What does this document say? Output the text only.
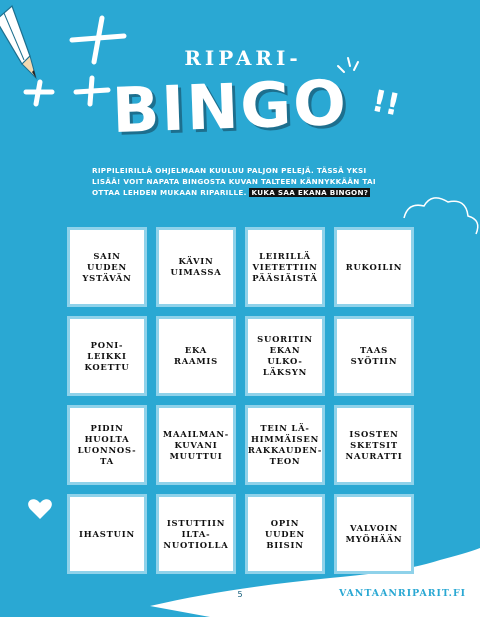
RIPARI-
BINGO !!
RIPPILEIRILLÄ OHJELMAAN KUULUU PALJON PELEJÄ. TÄSSÄ YKSI LISÄÄ! VOIT NAPATA BINGOSTA KUVAN TALTEEN KÄNNYKKÄÄN TAI OTTAA LEHDEN MUKAAN RIPARILLE. KUKA SAA EKANA BINGON?
SAIN
UUDEN
YSTÄVÄN
KÄVIN
UIMASSA
LEIRILLÄ
VIETETTIIN
PÄÄSIÄISTÄ
RUKOILIN
PONI-
LEIKKI
KOETTU
EKA
RAAMIS
SUORITIN
EKAN
ULKO-
LÄKSYN
TAAS
SYÖTIIN
PIDIN
HUOLTA
LUONNOS-
TA
MAAILMAN-
KUVANI
MUUTTUI
TEIN LÄ-
HIMMÄISEN
RAKKAUDEN-
TEON
ISOSTEN
SKETSIT
NAURATTI
IHASTUIN
ISTUTTIIN
ILTA-
NUOTIOLLA
OPIN
UUDEN
BIISIN
VALVOIN
MYÖHÄÄN
5	VANTAANRIPARIT.FI
